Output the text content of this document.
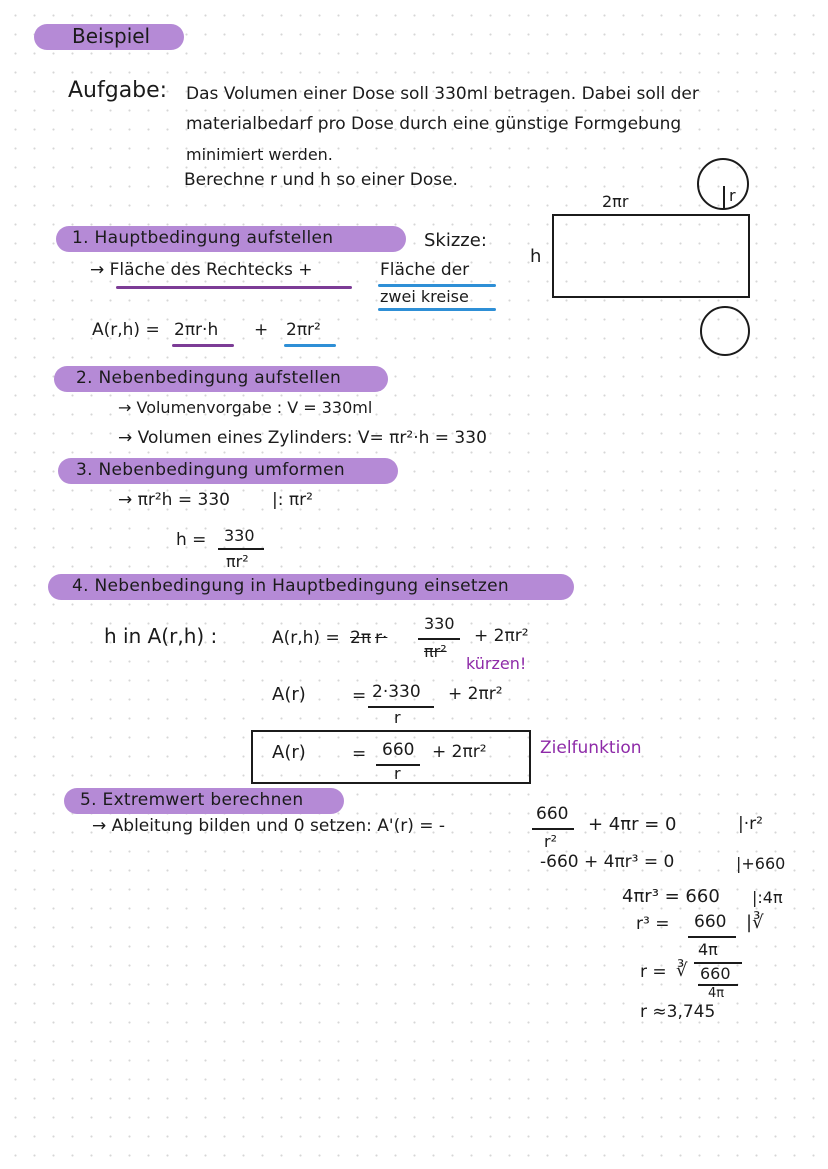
Beispiel
Aufgabe: Das Volumen einer Dose soll 330ml betragen. Dabei soll der
materialbedarf pro Dose durch eine günstige Formgebung
minimiert werden.
Berechne r und h so einer Dose.
2πr	r
h
Skizze:
1. Hauptbedingung aufstellen
→ Fläche des Rechtecks +	Fläche der
zwei kreise
A(r,h) = 2πr·h + 2πr²
2. Nebenbedingung aufstellen
→ Volumenvorgabe : V = 330ml
→ Volumen eines Zylinders: V= πr²·h = 330
3. Nebenbedingung umformen
→ πr²h = 330 |: πr²
h = 330
πr²
4. Nebenbedingung in Hauptbedingung einsetzen
h in A(r,h) :	A(r,h) = 2π r·
330
πr²
+ 2πr²
kürzen!
A(r)	= 2·330
r
+ 2πr²
A(r)	= 660
r
+ 2πr²	Zielfunktion
5. Extremwert berechnen
→ Ableitung bilden und 0 setzen: A'(r) = -
660
r²
+ 4πr = 0	|·r²
-660 + 4πr³ = 0	|+660
4πr³ = 660 |:4π
r³ = 660
4π
|∛
r = ∛ 660
4π
r ≈3,745
